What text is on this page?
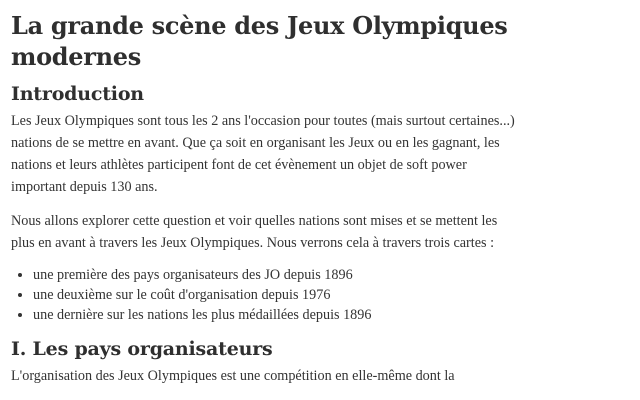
La grande scène des Jeux Olympiques modernes
Introduction

Les Jeux Olympiques sont tous les 2 ans l'occasion pour toutes (mais surtout certaines...) nations de se mettre en avant. Que ça soit en organisant les Jeux ou en les gagnant, les nations et leurs athlètes participent font de cet évènement un objet de soft power important depuis 130 ans.

Nous allons explorer cette question et voir quelles nations sont mises et se mettent les plus en avant à travers les Jeux Olympiques. Nous verrons cela à travers trois cartes :

• une première des pays organisateurs des JO depuis 1896
• une deuxième sur le coût d'organisation depuis 1976
• une dernière sur les nations les plus médaillées depuis 1896
I. Les pays organisateurs

L'organisation des Jeux Olympiques est une compétition en elle-même dont la
